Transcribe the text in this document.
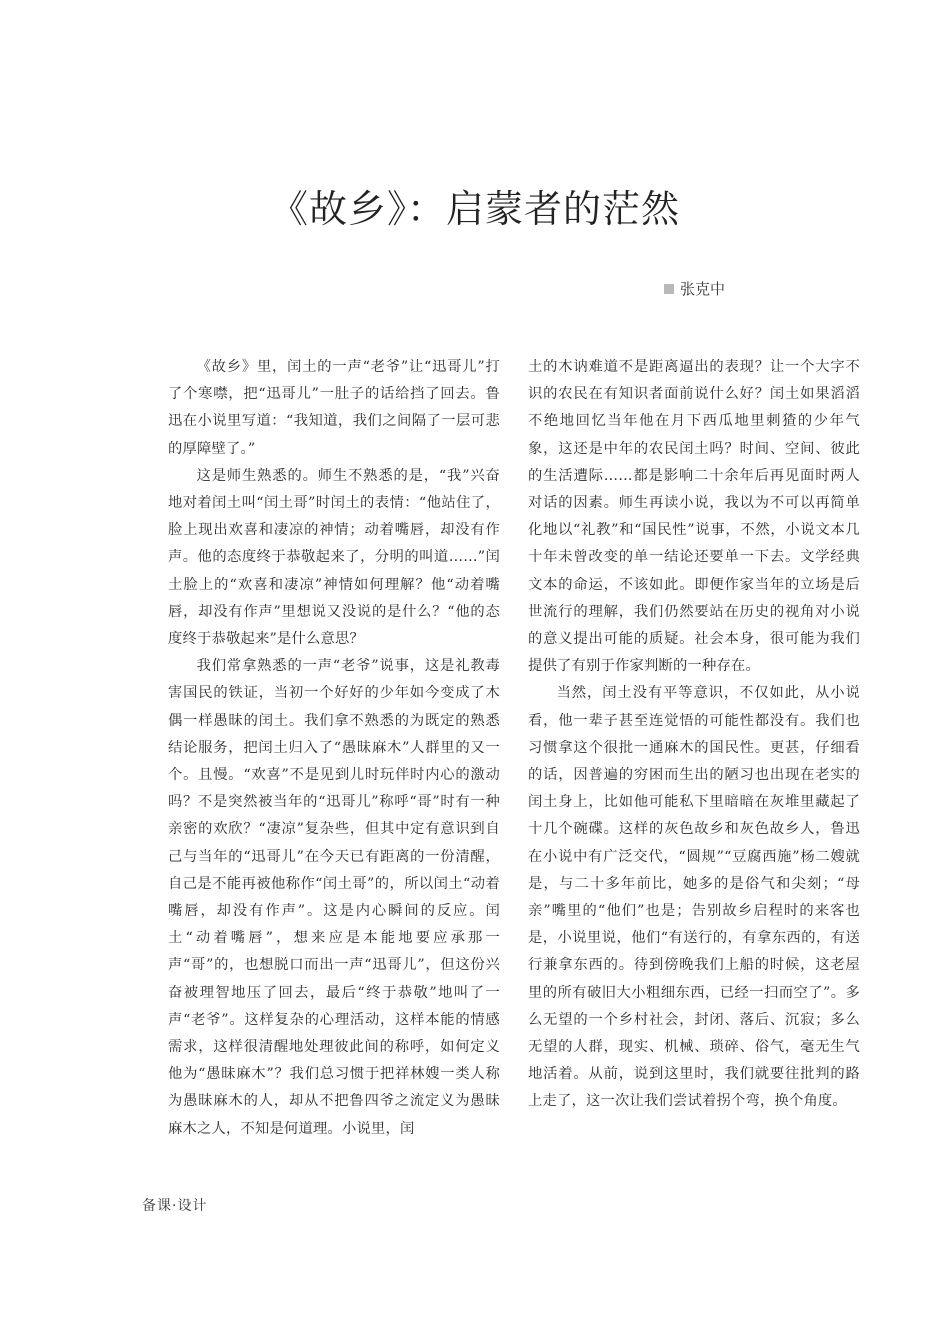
《故乡》：启蒙者的茫然
张克中

《故乡》里，闰土的一声“老爷”让“迅哥儿”打了个寒噤，把“迅哥儿”一肚子的话给挡了回去。鲁迅在小说里写道：“我知道，我们之间隔了一层可悲的厚障壁了。”

这是师生熟悉的。师生不熟悉的是，“我”兴奋地对着闰土叫“闰土哥”时闰土的表情：“他站住了，脸上现出欢喜和凄凉的神情；动着嘴唇，却没有作声。他的态度终于恭敬起来了，分明的叫道……”闰土脸上的“欢喜和凄凉”神情如何理解？他“动着嘴唇，却没有作声”里想说又没说的是什么？“他的态度终于恭敬起来”是什么意思？

我们常拿熟悉的一声“老爷”说事，这是礼教毒害国民的铁证，当初一个好好的少年如今变成了木偶一样愚昧的闰土。我们拿不熟悉的为既定的熟悉结论服务，把闰土归入了“愚昧麻木”人群里的又一个。且慢。“欢喜”不是见到儿时玩伴时内心的激动吗？不是突然被当年的“迅哥儿”称呼“哥”时有一种亲密的欢欣？“凄凉”复杂些，但其中定有意识到自己与当年的“迅哥儿”在今天已有距离的一份清醒，自己是不能再被他称作“闰土哥”的，所以闰土“动着嘴唇，却没有作声”。这是内心瞬间的反应。闰土“动着嘴唇”，想来应是本能地要应承那一声“哥”的，也想脱口而出一声“迅哥儿”，但这份兴奋被理智地压了回去，最后“终于恭敬”地叫了一声“老爷”。这样复杂的心理活动，这样本能的情感需求，这样很清醒地处理彼此间的称呼，如何定义他为“愚昧麻木”？我们总习惯于把祥林嫂一类人称为愚昧麻木的人，却从不把鲁四爷之流定义为愚昧麻木之人，不知是何道理。小说里，闰

土的木讷难道不是距离逼出的表现？让一个大字不识的农民在有知识者面前说什么好？闰土如果滔滔不绝地回忆当年他在月下西瓜地里刺猹的少年气象，这还是中年的农民闰土吗？时间、空间、彼此的生活遭际……都是影响二十余年后再见面时两人对话的因素。师生再读小说，我以为不可以再简单化地以“礼教”和“国民性”说事，不然，小说文本几十年未曾改变的单一结论还要单一下去。文学经典文本的命运，不该如此。即便作家当年的立场是后世流行的理解，我们仍然要站在历史的视角对小说的意义提出可能的质疑。社会本身，很可能为我们提供了有别于作家判断的一种存在。

当然，闰土没有平等意识，不仅如此，从小说看，他一辈子甚至连觉悟的可能性都没有。我们也习惯拿这个很批一通麻木的国民性。更甚，仔细看的话，因普遍的穷困而生出的陋习也出现在老实的闰土身上，比如他可能私下里暗暗在灰堆里藏起了十几个碗碟。这样的灰色故乡和灰色故乡人，鲁迅在小说中有广泛交代，“圆规”“豆腐西施”杨二嫂就是，与二十多年前比，她多的是俗气和尖刻；“母亲”嘴里的“他们”也是；告别故乡启程时的来客也是，小说里说，他们“有送行的，有拿东西的，有送行兼拿东西的。待到傍晚我们上船的时候，这老屋里的所有破旧大小粗细东西，已经一扫而空了”。多么无望的一个乡村社会，封闭、落后、沉寂；多么无望的人群，现实、机械、琐碎、俗气，毫无生气地活着。从前，说到这里时，我们就要往批判的路上走了，这一次让我们尝试着拐个弯，换个角度。

备课·设计
